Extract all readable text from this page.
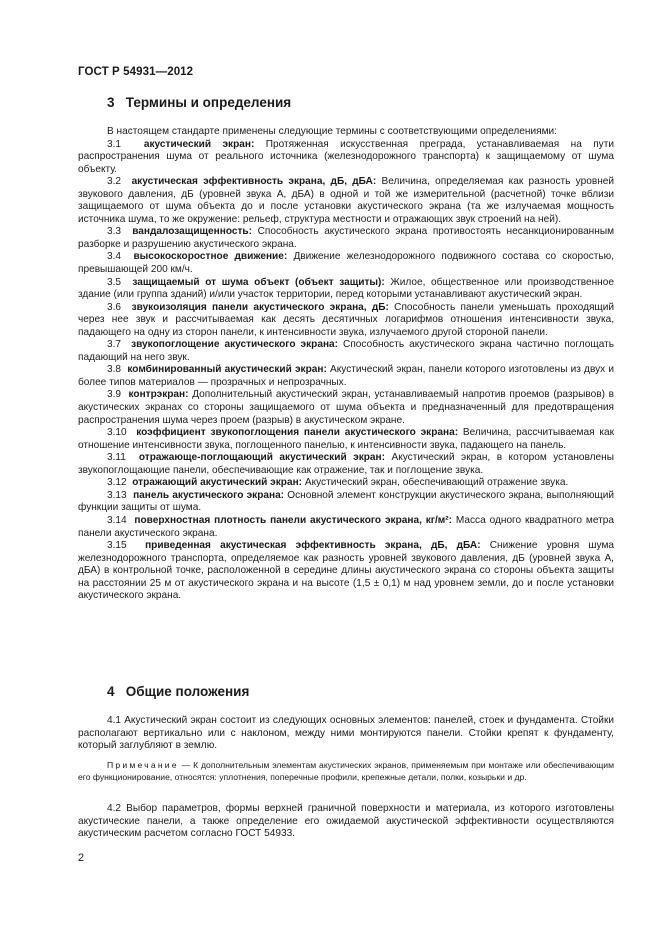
ГОСТ Р 54931—2012
3 Термины и определения

В настоящем стандарте применены следующие термины с соответствующими определениями:

3.1 акустический экран: Протяженная искусственная преграда, устанавливаемая на пути распространения шума от реального источника (железнодорожного транспорта) к защищаемому от шума объекту.

3.2 акустическая эффективность экрана, дБ, дБА: Величина, определяемая как разность уровней звукового давления, дБ (уровней звука А, дБА) в одной и той же измерительной (расчетной) точке вблизи защищаемого от шума объекта до и после установки акустического экрана (та же излучаемая мощность источника шума, то же окружение: рельеф, структура местности и отражающих звук строений на ней).

3.3 вандалозащищенность: Способность акустического экрана противостоять несанкционированным разборке и разрушению акустического экрана.

3.4 высокоскоростное движение: Движение железнодорожного подвижного состава со скоростью, превышающей 200 км/ч.

3.5 защищаемый от шума объект (объект защиты): Жилое, общественное или производственное здание (или группа зданий) и/или участок территории, перед которыми устанавливают акустический экран.

3.6 звукоизоляция панели акустического экрана, дБ: Способность панели уменьшать проходящий через нее звук и рассчитываемая как десять десятичных логарифмов отношения интенсивности звука, падающего на одну из сторон панели, к интенсивности звука, излучаемого другой стороной панели.

3.7 звукопоглощение акустического экрана: Способность акустического экрана частично поглощать падающий на него звук.

3.8 комбинированный акустический экран: Акустический экран, панели которого изготовлены из двух и более типов материалов — прозрачных и непрозрачных.

3.9 контрэкран: Дополнительный акустический экран, устанавливаемый напротив проемов (разрывов) в акустических экранах со стороны защищаемого от шума объекта и предназначенный для предотвращения распространения шума через проем (разрыв) в акустическом экране.

3.10 коэффициент звукопоглощения панели акустического экрана: Величина, рассчитываемая как отношение интенсивности звука, поглощенного панелью, к интенсивности звука, падающего на панель.

3.11 отражающе-поглощающий акустический экран: Акустический экран, в котором установлены звукопоглощающие панели, обеспечивающие как отражение, так и поглощение звука.

3.12 отражающий акустический экран: Акустический экран, обеспечивающий отражение звука.

3.13 панель акустического экрана: Основной элемент конструкции акустического экрана, выполняющий функции защиты от шума.

3.14 поверхностная плотность панели акустического экрана, кг/м²: Масса одного квадратного метра панели акустического экрана.

3.15 приведенная акустическая эффективность экрана, дБ, дБА: Снижение уровня шума железнодорожного транспорта, определяемое как разность уровней звукового давления, дБ (уровней звука А, дБА) в контрольной точке, расположенной в середине длины акустического экрана со стороны объекта защиты на расстоянии 25 м от акустического экрана и на высоте (1,5 ± 0,1) м над уровнем земли, до и после установки акустического экрана.

4 Общие положения

4.1 Акустический экран состоит из следующих основных элементов: панелей, стоек и фундамента. Стойки располагают вертикально или с наклоном, между ними монтируются панели. Стойки крепят к фундаменту, который заглубляют в землю.

Примечание — К дополнительным элементам акустических экранов, применяемым при монтаже или обеспечивающим его функционирование, относятся: уплотнения, поперечные профили, крепежные детали, полки, козырьки и др.

4.2 Выбор параметров, формы верхней граничной поверхности и материала, из которого изготовлены акустические панели, а также определение его ожидаемой акустической эффективности осуществляются акустическим расчетом согласно ГОСТ 54933.

2
